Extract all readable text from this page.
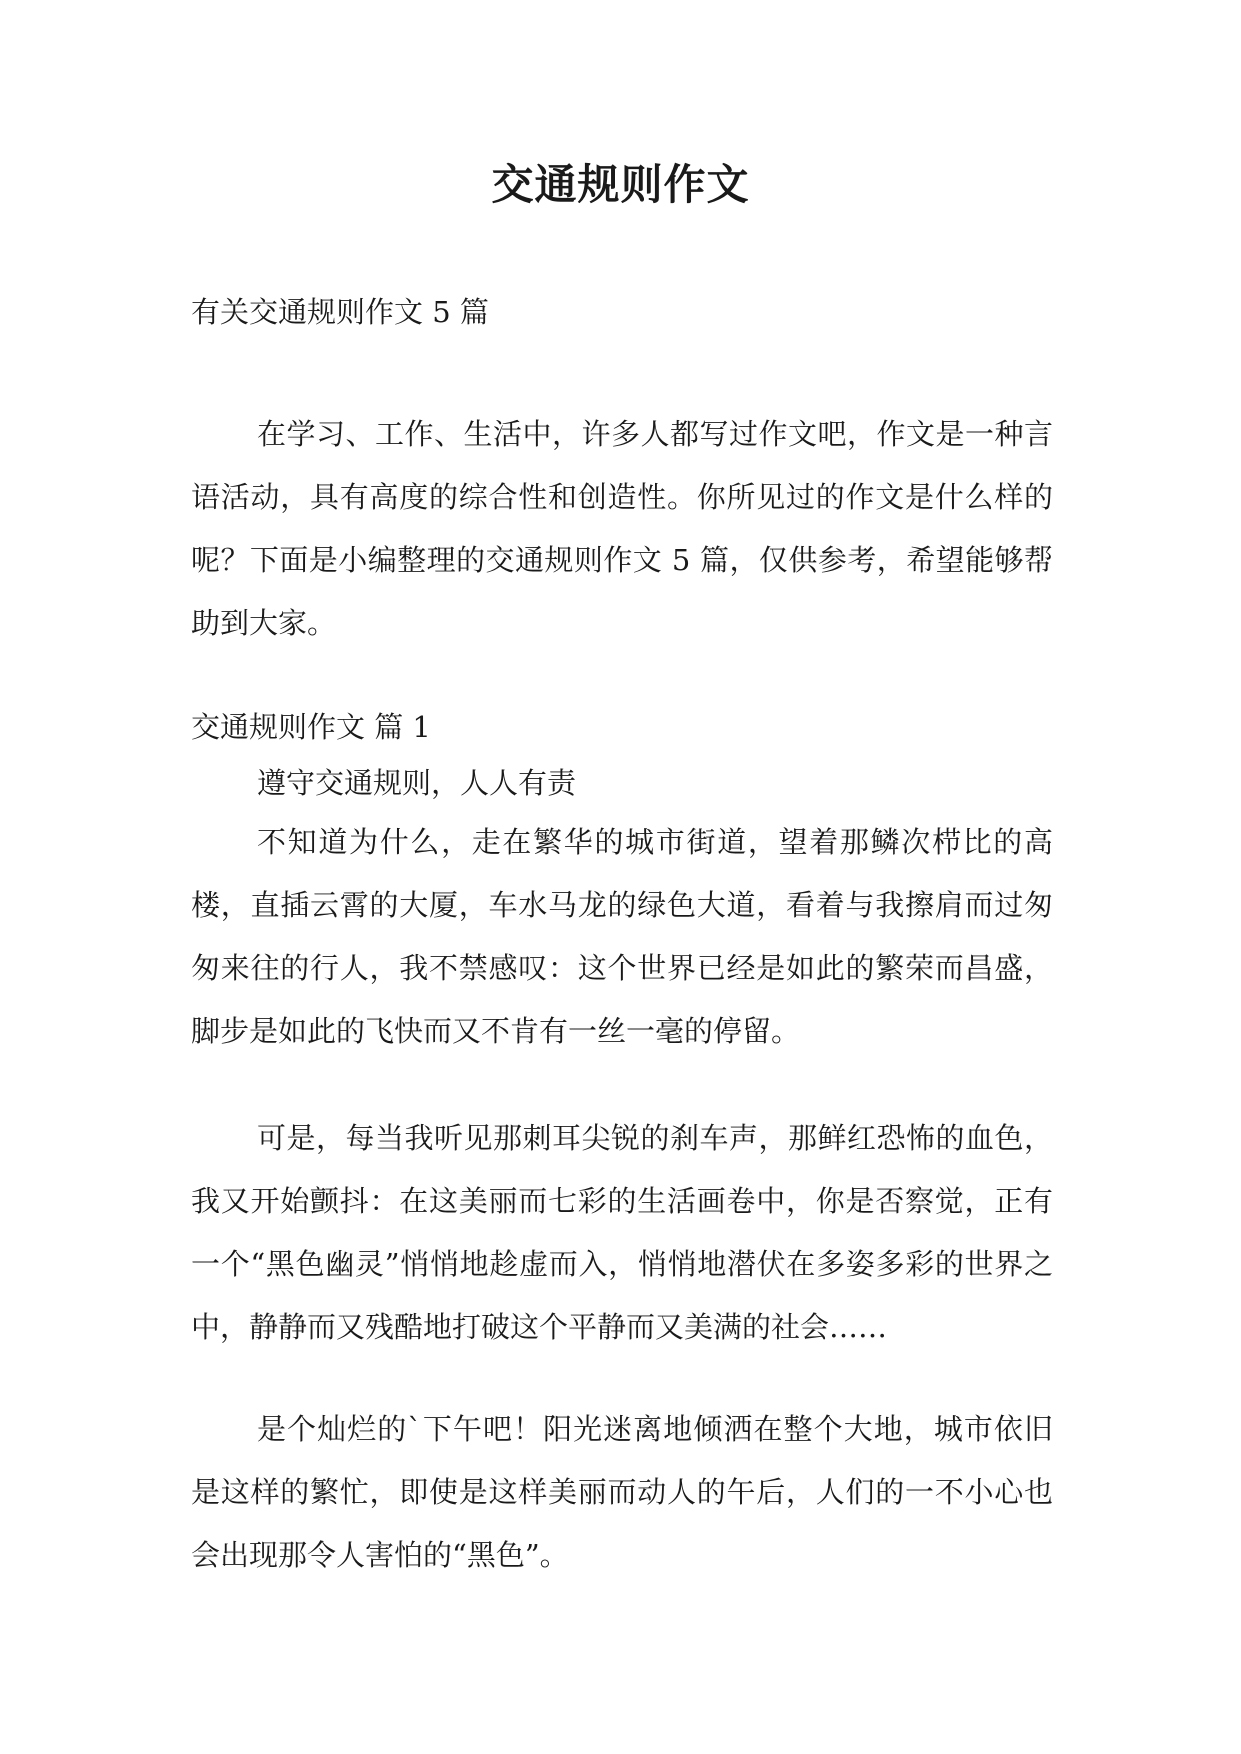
交通规则作文

有关交通规则作文 5 篇

在学习、工作、生活中，许多人都写过作文吧，作文是一种言语活动，具有高度的综合性和创造性。你所见过的作文是什么样的呢？下面是小编整理的交通规则作文 5 篇，仅供参考，希望能够帮助到大家。

交通规则作文 篇 1

遵守交通规则，人人有责

不知道为什么，走在繁华的城市街道，望着那鳞次栉比的高楼，直插云霄的大厦，车水马龙的绿色大道，看着与我擦肩而过匆匆来往的行人，我不禁感叹：这个世界已经是如此的繁荣而昌盛，脚步是如此的飞快而又不肯有一丝一毫的停留。

可是，每当我听见那刺耳尖锐的刹车声，那鲜红恐怖的血色，我又开始颤抖：在这美丽而七彩的生活画卷中，你是否察觉，正有一个“黑色幽灵”悄悄地趁虚而入，悄悄地潜伏在多姿多彩的世界之中，静静而又残酷地打破这个平静而又美满的社会……

是个灿烂的`下午吧！阳光迷离地倾洒在整个大地，城市依旧是这样的繁忙，即使是这样美丽而动人的午后，人们的一不小心也会出现那令人害怕的“黑色”。
